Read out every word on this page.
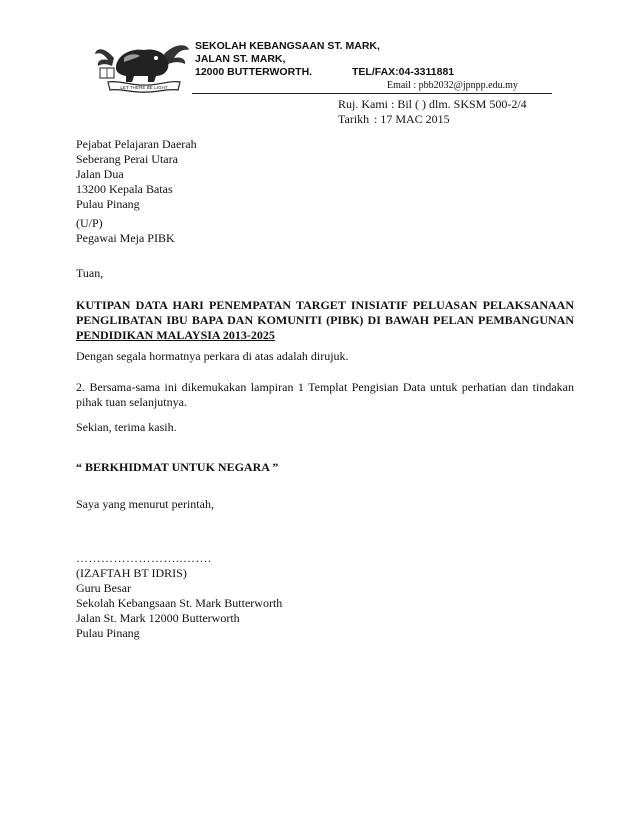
LET THERE BE LIGHT
SEKOLAH KEBANGSAAN ST. MARK,
JALAN ST. MARK,
12000 BUTTERWORTH.	TEL/FAX:04-3311881
Email : pbb2032@jpnpp.edu.my
Ruj. Kami : Bil ( ) dlm. SKSM 500-2/4
Tarikh : 17 MAC 2015
Pejabat Pelajaran Daerah
Seberang Perai Utara
Jalan Dua
13200 Kepala Batas
Pulau Pinang
(U/P)
Pegawai Meja PIBK
Tuan,
KUTIPAN DATA HARI PENEMPATAN TARGET INISIATIF PELUASAN PELAKSANAAN
PENGLIBATAN IBU BAPA DAN KOMUNITI (PIBK) DI BAWAH PELAN PEMBANGUNAN
PENDIDIKAN MALAYSIA 2013-2025
Dengan segala hormatnya perkara di atas adalah dirujuk.
2. Bersama-sama ini dikemukakan lampiran 1 Templat Pengisian Data untuk perhatian dan tindakan pihak tuan selanjutnya.
Sekian, terima kasih.
“ BERKHIDMAT UNTUK NEGARA ”
Saya yang menurut perintah,
……………………..…….
(IZAFTAH BT IDRIS)
Guru Besar
Sekolah Kebangsaan St. Mark Butterworth
Jalan St. Mark 12000 Butterworth
Pulau Pinang
